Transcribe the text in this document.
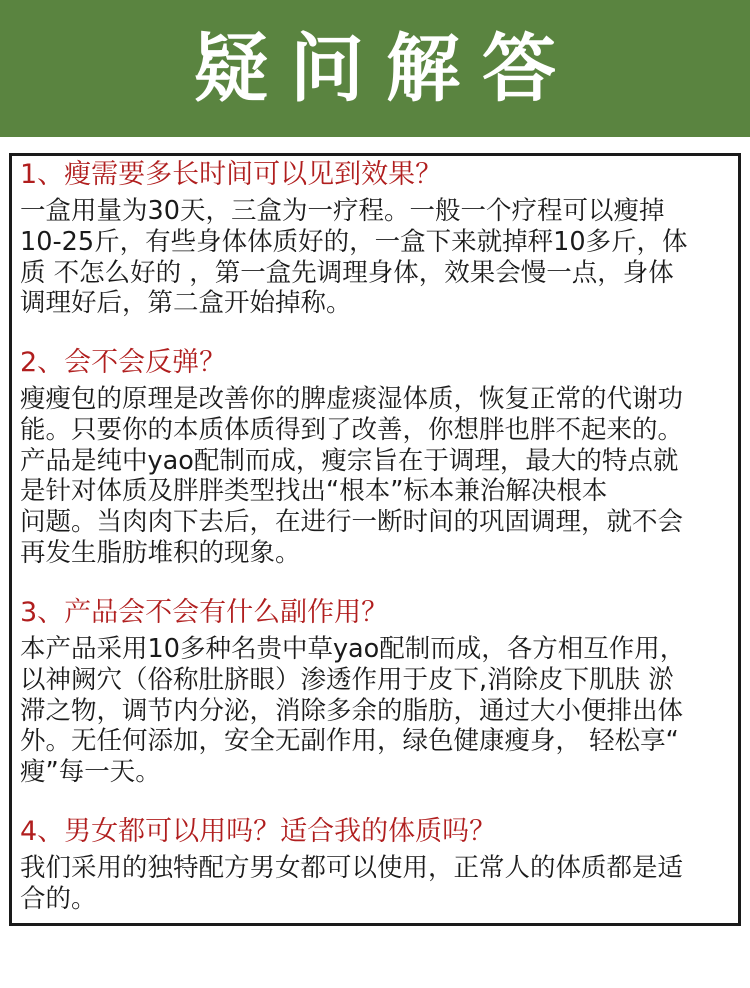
疑问解答
1、瘦需要多长时间可以见到效果？
一盒用量为30天，三盒为一疗程。一般一个疗程可以瘦掉
10-25斤，有些身体体质好的，一盒下来就掉秤10多斤，体
质 不怎么好的 ，第一盒先调理身体，效果会慢一点，身体
调理好后，第二盒开始掉称。
2、会不会反弹？
瘦瘦包的原理是改善你的脾虚痰湿体质，恢复正常的代谢功
能。只要你的本质体质得到了改善，你想胖也胖不起来的。
产品是纯中yao配制而成，瘦宗旨在于调理，最大的特点就
是针对体质及胖胖类型找出“根本”标本兼治解决根本
问题。当肉肉下去后，在进行一断时间的巩固调理，就不会
再发生脂肪堆积的现象。
3、产品会不会有什么副作用？
本产品采用10多种名贵中草yao配制而成，各方相互作用，
以神阙穴（俗称肚脐眼）渗透作用于皮下,消除皮下肌肤 淤
滞之物，调节内分泌，消除多余的脂肪，通过大小便排出体
外。无任何添加，安全无副作用，绿色健康瘦身， 轻松享“
瘦”每一天。
4、男女都可以用吗？适合我的体质吗？
我们采用的独特配方男女都可以使用，正常人的体质都是适
合的。
